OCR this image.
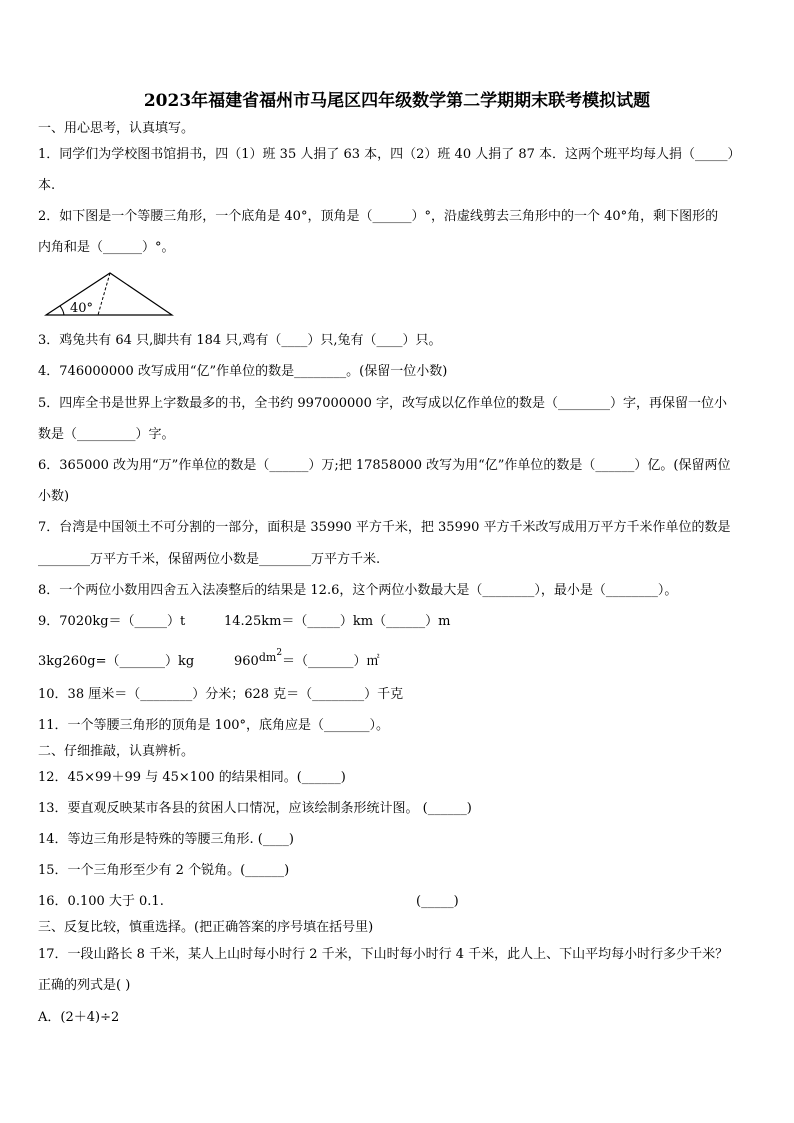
2023年福建省福州市马尾区四年级数学第二学期期末联考模拟试题
一、用心思考，认真填写。
1．同学们为学校图书馆捐书，四（1）班 35 人捐了 63 本，四（2）班 40 人捐了 87 本．这两个班平均每人捐（_____）
本.
2．如下图是一个等腰三角形，一个底角是 40°，顶角是（______）°，沿虚线剪去三角形中的一个 40°角，剩下图形的
内角和是（______）°。
40°
3．鸡兔共有 64 只,脚共有 184 只,鸡有（____）只,兔有（____）只。
4．746000000 改写成用“亿”作单位的数是________。(保留一位小数)
5．四库全书是世界上字数最多的书，全书约 997000000 字，改写成以亿作单位的数是（________）字，再保留一位小
数是（_________）字。
6．365000 改为用“万”作单位的数是（______）万;把 17858000 改写为用“亿”作单位的数是（______）亿。(保留两位
小数)
7．台湾是中国领土不可分割的一部分，面积是 35990 平方千米，把 35990 平方千米改写成用万平方千米作单位的数是
________万平方千米，保留两位小数是________万平方千米.
8．一个两位小数用四舍五入法凑整后的结果是 12.6，这个两位小数最大是（________），最小是（________）。
9．7020kg＝（_____）t	14.25km＝（_____）km（______）m
3kg260g=（_______）kg	$960^{dm2}=(\_\_\_\_\_\_\_)㎡$
10．38 厘米＝（________）分米；628 克＝（________）千克
11．一个等腰三角形的顶角是 100°，底角应是（_______）。
二、仔细推敲，认真辨析。
12．45×99＋99 与 45×100 的结果相同。(______)
13．要直观反映某市各县的贫困人口情况，应该绘制条形统计图。 (______)
14．等边三角形是特殊的等腰三角形. (____)
15．一个三角形至少有 2 个锐角。(______)
16．0.100 大于 0.1.	(_____)
三、反复比较，慎重选择。(把正确答案的序号填在括号里)
17．一段山路长 8 千米，某人上山时每小时行 2 千米，下山时每小时行 4 千米，此人上、下山平均每小时行多少千米？
正确的列式是( )
A．(2＋4)÷2
